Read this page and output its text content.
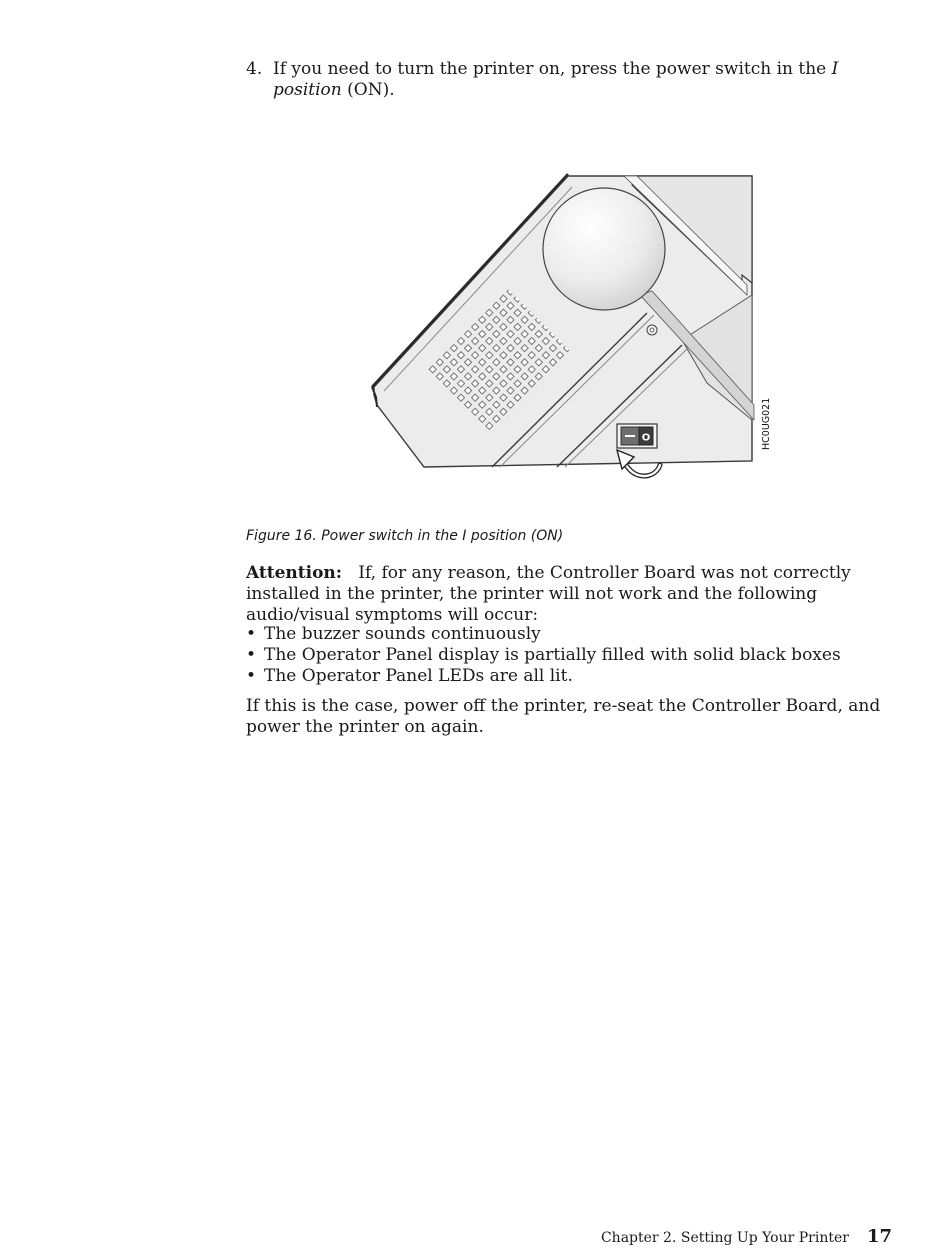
4. If you need to turn the printer on, press the power switch in the I position (ON).
O	HC0UG021
Figure 16. Power switch in the I position (ON)
Attention: If, for any reason, the Controller Board was not correctly installed in the printer, the printer will not work and the following audio/visual symptoms will occur:
• The buzzer sounds continuously
• The Operator Panel display is partially filled with solid black boxes
• The Operator Panel LEDs are all lit.
If this is the case, power off the printer, re-seat the Controller Board, and power the printer on again.
Chapter 2. Setting Up Your Printer 17
